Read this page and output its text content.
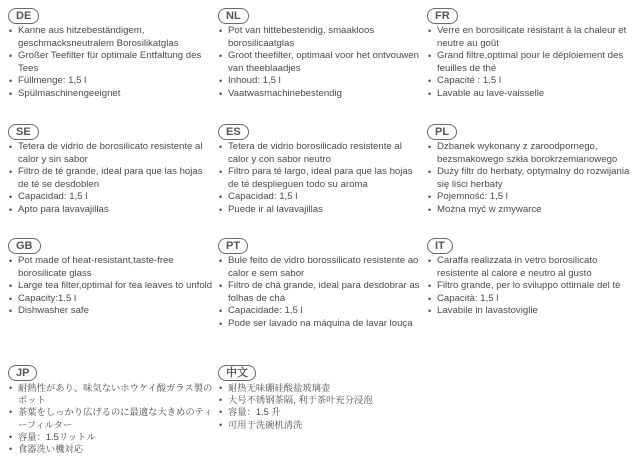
DE
• Kanne aus hitzebeständigem, geschmacksneutralem Borosilikatglas
• Großer Teefilter für optimale Entfaltung des Tees
• Füllmenge: 1,5 l
• Spülmaschinengeeignet
NL
• Pot van hittebestendig, smaakloos borosilicaatglas
• Groot theefilter, optimaal voor het ontvouwen van theeblaadjes
• Inhoud: 1,5 l
• Vaatwasmachinebestendig
FR
• Verre en borosilicate résistant à la chaleur et neutre au goût
• Grand filtre,optimal pour le déploiement des feuilles de thé
• Capacité : 1,5 l
• Lavable au lave-vaisselle
SE
• Tetera de vidrio de borosilicato resistente al calor y sin sabor
• Filtro de té grande, ideal para que las hojas de té se desdoblen
• Capacidad: 1,5 l
• Apto para lavavajillas
ES
• Tetera de vidrio borosilicado resistente al calor y con sabor neutro
• Filtro para té largo, ideal para que las hojas de té desplieguen todo su aroma
• Capacidad: 1,5 l
• Puede ir al lavavajillas
PL
• Dzbanek wykonany z zaroodpornego, bezsmakowego szkła borokrzemianowego
• Duży filtr do herbaty, optymalny do rozwijania się liści herbaty
• Pojemność: 1,5 l
• Można myć w zmywarce
GB
• Pot made of heat-resistant,taste-free borosilicate glass
• Large tea filter,optimal for tea leaves to unfold
• Capacity:1.5 l
• Dishwasher safe
PT
• Bule feito de vidro borossilicato resistente ao calor e sem sabor
• Filtro de chá grande, ideal para desdobrar as folhas de chá
• Capacidade: 1,5 l
• Pode ser lavado na máquina de lavar louça
IT
• Caraffa realizzata in vetro borosilicato resistente al calore e neutro al gusto
• Filtro grande, per lo sviluppo ottimale del tè
• Capacità: 1,5 l
• Lavabile in lavastoviglie
JP
• 耐熱性があり、味気ないホウケイ酸ガラス製のポット
• 茶葉をしっかり広げるのに最適な大きめのティーフィルター
• 容量：1.5リットル
• 食器洗い機対応
中文
• 耐热无味硼硅酸盐玻璃壶
• 大号不锈钢茶隔, 利于茶叶充分浸泡
• 容量：1.5 升
• 可用于洗碗机清洗
